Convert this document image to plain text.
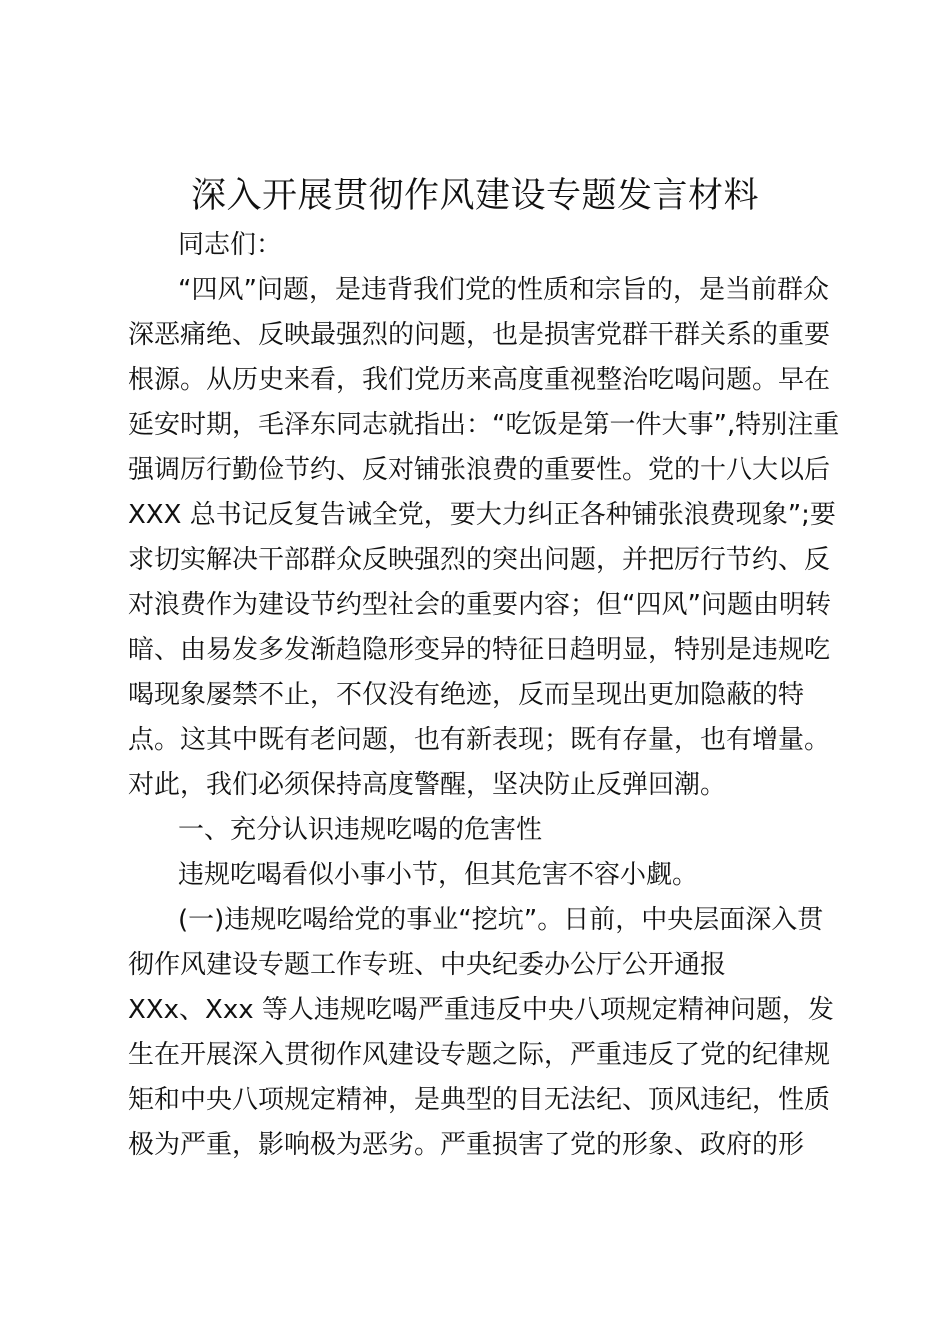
深入开展贯彻作风建设专题发言材料
同志们：
“四风”问题，是违背我们党的性质和宗旨的，是当前群众
深恶痛绝、反映最强烈的问题，也是损害党群干群关系的重要
根源。从历史来看，我们党历来高度重视整治吃喝问题。早在
延安时期，毛泽东同志就指出：“吃饭是第一件大事”,特别注重
强调厉行勤俭节约、反对铺张浪费的重要性。党的十八大以后
XXX 总书记反复告诫全党，要大力纠正各种铺张浪费现象”;要
求切实解决干部群众反映强烈的突出问题，并把厉行节约、反
对浪费作为建设节约型社会的重要内容；但“四风”问题由明转
暗、由易发多发渐趋隐形变异的特征日趋明显，特别是违规吃
喝现象屡禁不止，不仅没有绝迹，反而呈现出更加隐蔽的特
点。这其中既有老问题，也有新表现；既有存量，也有增量。
对此，我们必须保持高度警醒，坚决防止反弹回潮。
一、充分认识违规吃喝的危害性
违规吃喝看似小事小节，但其危害不容小觑。
(一)违规吃喝给党的事业“挖坑”。日前，中央层面深入贯
彻作风建设专题工作专班、中央纪委办公厅公开通报
XXx、Xxx 等人违规吃喝严重违反中央八项规定精神问题，发
生在开展深入贯彻作风建设专题之际，严重违反了党的纪律规
矩和中央八项规定精神，是典型的目无法纪、顶风违纪，性质
极为严重，影响极为恶劣。严重损害了党的形象、政府的形
